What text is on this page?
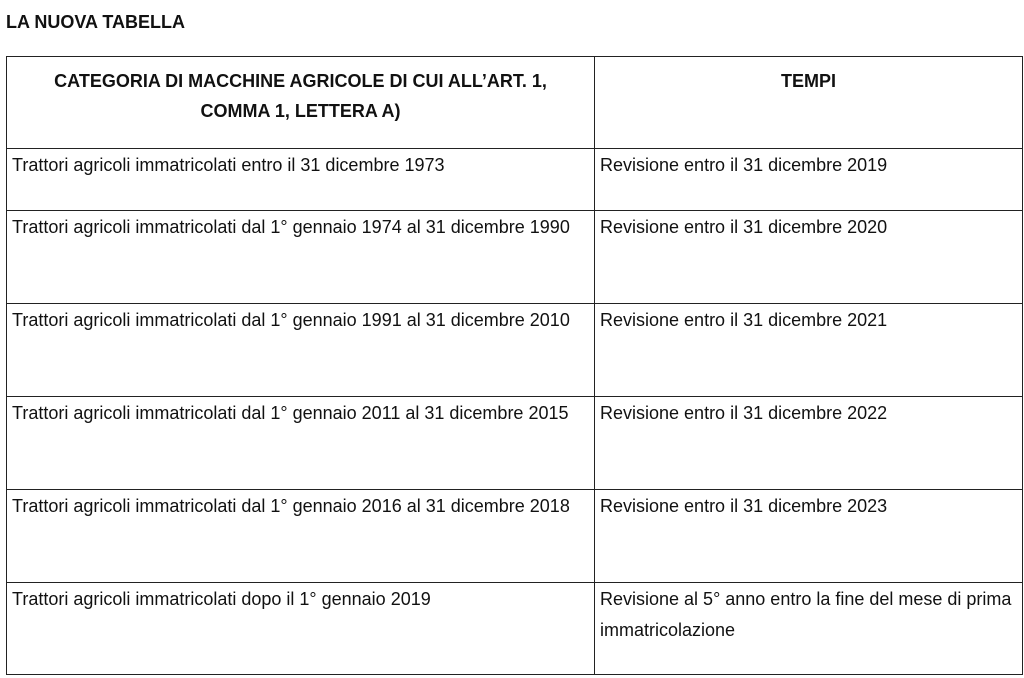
LA NUOVA TABELLA
CATEGORIA DI MACCHINE AGRICOLE DI CUI ALL’ART. 1, COMMA 1, LETTERA A)	TEMPI

Trattori agricoli immatricolati entro il 31 dicembre 1973	Revisione entro il 31 dicembre 2019

Trattori agricoli immatricolati dal 1° gennaio 1974 al 31 dicembre 1990	Revisione entro il 31 dicembre 2020

Trattori agricoli immatricolati dal 1° gennaio 1991 al 31 dicembre 2010	Revisione entro il 31 dicembre 2021

Trattori agricoli immatricolati dal 1° gennaio 2011 al 31 dicembre 2015	Revisione entro il 31 dicembre 2022

Trattori agricoli immatricolati dal 1° gennaio 2016 al 31 dicembre 2018	Revisione entro il 31 dicembre 2023

Trattori agricoli immatricolati dopo il 1° gennaio 2019	Revisione al 5° anno entro la fine del mese di prima immatricolazione
